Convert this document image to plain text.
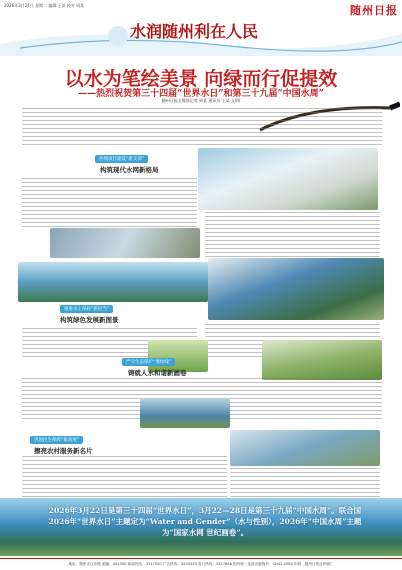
2026年3月24日 星期二 编辑 王某 校对 周某	随州日报
水润随州利在人民
以水为笔绘美景 向绿而行促提效
——热烈祝贺第三十四届“世界水日”和第三十九届“中国水周”
随州日报全媒体记者 周某 通讯员 王某 文/图
治理项目建设“新支撑”
构筑现代水网新格局
推进水土保持“新担当”
构筑绿色发展新图景
严守生态保护“增绿线”
铸就人水和谐新画卷
巩固民生保障“新高度”
擦亮农村服务新名片
2026年3月22日是第三十四届“世界水日”，3月22—28日是第三十九届“中国水周”。联合国2026年“世界水日”主题定为“Water and Gender”（水与性别），2026年“中国水周”主题为“国家水网 世纪画卷”。
地址：随州市汉东路 邮编：441300 新闻热线：3317000 广告热线：3333333 发行热线：3317888 国内统一连续出版物号：CN42-0084 印刷：随州日报社印刷厂
